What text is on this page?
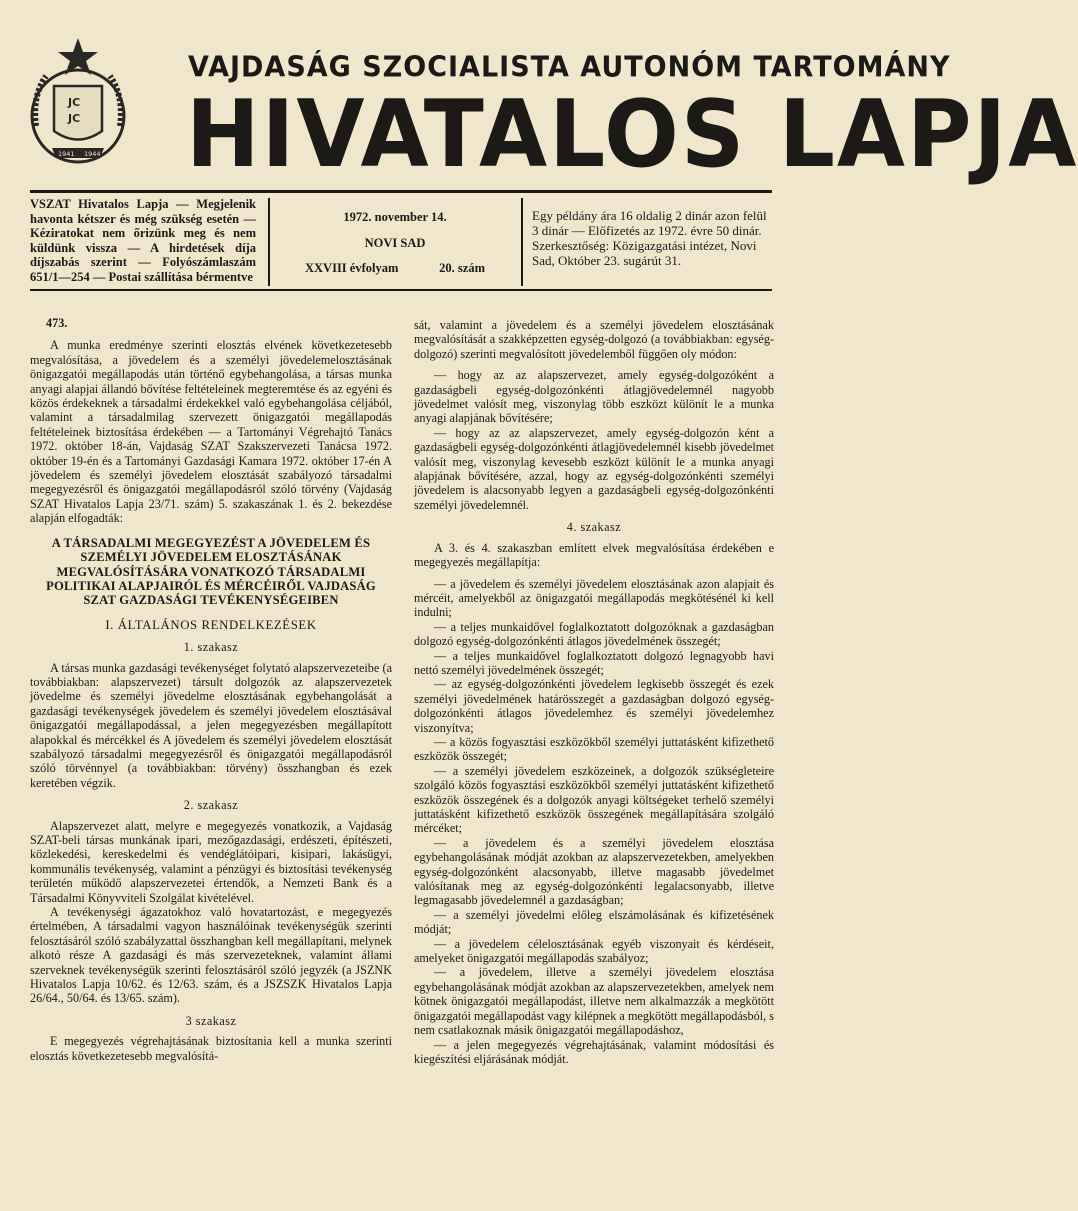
JC
JC
1941 1944
VAJDASÁG SZOCIALISTA AUTONÓM TARTOMÁNY
HIVATALOS LAPJA
VSZAT Hivatalos Lapja — Megjelenik havonta kétszer és még szükség esetén — Kéziratokat nem őrizünk meg és nem küldünk vissza — A hirdetések díja díjszabás szerint — Folyószámlaszám 651/1—254 — Postai szállítása bérmentve
1972. november 14.
NOVI SAD
XXVIII évfolyam	20. szám
Egy példány ára 16 oldalig 2 dinár azon felül 3 dinár — Előfizetés az 1972. évre 50 dinár. Szerkesztőség: Közigazgatási intézet, Novi Sad, Október 23. sugárút 31.
473.

A munka eredménye szerinti elosztás elvének következetesebb megvalósítása, a jövedelem és a személyi jövedelemelosztásának önigazgatói megállapodás után történő egybehangolása, a társas munka anyagi alapjai állandó bővítése feltételeinek megteremtése és az egyéni és közös érdekeknek a társadalmi érdekekkel való egybehangolása céljából, valamint a társadalmilag szervezett önigazgatói megállapodás feltételeinek biztosítása érdekében — a Tartományi Végrehajtó Tanács 1972. október 18-án, Vajdaság SZAT Szakszervezeti Tanácsa 1972. október 19-én és a Tartományi Gazdasági Kamara 1972. október 17-én A jövedelem és személyi jövedelem elosztását szabályozó társadalmi megegyezésről és önigazgatói megállapodásról szóló törvény (Vajdaság SZAT Hivatalos Lapja 23/71. szám) 5. szakaszának 1. és 2. bekezdése alapján elfogadták:

A TÁRSADALMI MEGEGYEZÉST A JÖVEDELEM ÉS SZEMÉLYI JÖVEDELEM ELOSZTÁSÁNAK MEGVALÓSÍTÁSÁRA VONATKOZÓ TÁRSADALMI POLITIKAI ALAPJAIRÓL ÉS MÉRCÉIRŐL VAJDASÁG SZAT GAZDASÁGI TEVÉKENYSÉGEIBEN
I. ÁLTALÁNOS RENDELKEZÉSEK
1. szakasz

A társas munka gazdasági tevékenységet folytató alapszervezeteibe (a továbbiakban: alapszervezet) társult dolgozók az alapszervezetek jövedelme és személyi jövedelme elosztásának egybehangolását a gazdasági tevékenységek jövedelem és személyi jövedelem elosztásával önigazgatói megállapodással, a jelen megegyezésben megállapított alapokkal és mércékkel és A jövedelem és személyi jövedelem elosztását szabályozó társadalmi megegyezésről és önigazgatói megállapodásról szóló törvénnyel (a továbbiakban: törvény) összhangban és ezek keretében végzik.

2. szakasz

Alapszervezet alatt, melyre e megegyezés vonatkozik, a Vajdaság SZAT-beli társas munkának ipari, mezőgazdasági, erdészeti, építészeti, közlekedési, kereskedelmi és vendéglátóipari, kisipari, lakásügyi, kommunális tevékenység, valamint a pénzügyi és biztosítási tevékenység területén működő alapszervezetei értendők, a Nemzeti Bank és a Társadalmi Könyvviteli Szolgálat kivételével.

A tevékenységi ágazatokhoz való hovatartozást, e megegyezés értelmében, A társadalmi vagyon használóinak tevékenységük szerinti felosztásáról szóló szabályzattal összhangban kell megállapítani, melynek alkotó része A gazdasági és más szervezeteknek, valamint állami szerveknek tevékenységük szerinti felosztásáról szóló jegyzék (a JSZNK Hivatalos Lapja 10/62. és 12/63. szám, és a JSZSZK Hivatalos Lapja 26/64., 50/64. és 13/65. szám).

3 szakasz

E megegyezés végrehajtásának biztosítania kell a munka szerinti elosztás következetesebb megvalósítá-

sát, valamint a jövedelem és a személyi jövedelem elosztásának megvalósítását a szakképzetten egység-dolgozó (a továbbiakban: egység-dolgozó) szerinti megvalósított jövedelemből függően oly módon:

— hogy az az alapszervezet, amely egység-dolgozóként a gazdaságbeli egység-dolgozónkénti átlagjövedelemnél nagyobb jövedelmet valósít meg, viszonylag több eszközt különít le a munka anyagi alapjának bővítésére;

— hogy az az alapszervezet, amely egység-dolgozón ként a gazdaságbeli egység-dolgozónkénti átlagjövedelemnél kisebb jövedelmet valósít meg, viszonylag kevesebb eszközt különít le a munka anyagi alapjának bővítésére, azzal, hogy az egység-dolgozónkénti személyi jövedelem is alacsonyabb legyen a gazdaságbeli egység-dolgozónkénti személyi jövedelemnél.

4. szakasz

A 3. és 4. szakaszban említett elvek megvalósítása érdekében e megegyezés megállapítja:

— a jövedelem és személyi jövedelem elosztásának azon alapjait és mércéit, amelyekből az önigazgatói megállapodás megkötésénél ki kell indulni;

— a teljes munkaidővel foglalkoztatott dolgozóknak a gazdaságban dolgozó egység-dolgozónkénti átlagos jövedelmének összegét;

— a teljes munkaidővel foglalkoztatott dolgozó legnagyobb havi nettó személyi jövedelmének összegét;

— az egység-dolgozónkénti jövedelem legkisebb összegét és ezek személyi jövedelmének határösszegét a gazdaságban dolgozó egység-dolgozónkénti átlagos jövedelemhez és személyi jövedelemhez viszonyítva;

— a közös fogyasztási eszközökből személyi juttatásként kifizethető eszközök összegét;

— a személyi jövedelem eszközeinek, a dolgozók szükségleteire szolgáló közös fogyasztási eszközökből személyi juttatásként kifizethető eszközök összegének és a dolgozók anyagi költségeket terhelő személyi juttatásként kifizethető eszközök összegének megállapítására szolgáló mércéket;

— a jövedelem és a személyi jövedelem elosztása egybehangolásának módját azokban az alapszervezetekben, amelyekben egység-dolgozónként alacsonyabb, illetve magasabb jövedelmet valósítanak meg az egység-dolgozónkénti legalacsonyabb, illetve legmagasabb jövedelemnél a gazdaságban;

— a személyi jövedelmi előleg elszámolásának és kifizetésének módját;

— a jövedelem célelosztásának egyéb viszonyait és kérdéseit, amelyeket önigazgatói megállapodás szabályoz;

— a jövedelem, illetve a személyi jövedelem elosztása egybehangolásának módját azokban az alapszervezetekben, amelyek nem kötnek önigazgatói megállapodást, illetve nem alkalmazzák a megkötött önigazgatói megállapodást vagy kilépnek a megkötött megállapodásból, s nem csatlakoznak másik önigazgatói megállapodáshoz,

— a jelen megegyezés végrehajtásának, valamint módosítási és kiegészítési eljárásának módját.
